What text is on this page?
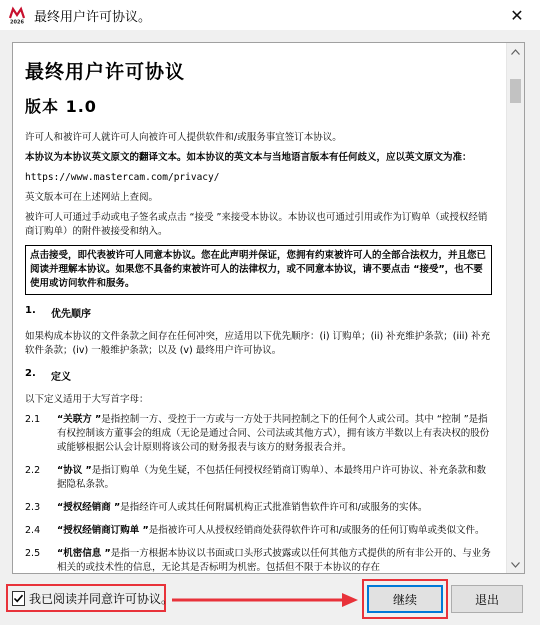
2026 最终用户许可协议。	✕
最终用户许可协议
版本 1.0

许可人和被许可人就许可人向被许可人提供软件和/或服务事宜签订本协议。

本协议为本协议英文原文的翻译文本。如本协议的英文本与当地语言版本有任何歧义，应以英文原文为准：

https://www.mastercam.com/privacy/

英文版本可在上述网站上查阅。

被许可人可通过手动或电子签名或点击 “接受 ”来接受本协议。本协议也可通过引用或作为订购单（或授权经销商订购单）的附件被接受和纳入。

点击接受，即代表被许可人同意本协议。您在此声明并保证，您拥有约束被许可人的全部合法权力，并且您已阅读并理解本协议。如果您不具备约束被许可人的法律权力，或不同意本协议，请不要点击 “接受”，也不要使用或访问软件和服务。
1.	优先顺序

如果构成本协议的文件条款之间存在任何冲突，应适用以下优先顺序：(i) 订购单；(ii) 补充维护条款；(iii) 补充软件条款；(iv) 一般维护条款；以及 (v) 最终用户许可协议。

2.	定义

以下定义适用于大写首字母：

2.1	“关联方 ”是指控制一方、受控于一方或与一方处于共同控制之下的任何个人或公司。其中 “控制 ”是指有权控制该方董事会的组成（无论是通过合同、公司法或其他方式），拥有该方半数以上有表决权的股份或能够根据公认会计原则将该公司的财务报表与该方的财务报表合并。
2.2	“协议 ”是指订购单（为免生疑，不包括任何授权经销商订购单）、本最终用户许可协议、补充条款和数据隐私条款。
2.3	“授权经销商 ”是指经许可人或其任何附属机构正式批准销售软件许可和/或服务的实体。
2.4	“授权经销商订购单 ”是指被许可人从授权经销商处获得软件许可和/或服务的任何订购单或类似文件。
2.5	“机密信息 ”是指一方根据本协议以书面或口头形式披露或以任何其他方式提供的所有非公开的、与业务相关的或技术性的信息，无论其是否标明为机密。包括但不限于本协议的存在
我已阅读并同意许可协议。	继续	退出
